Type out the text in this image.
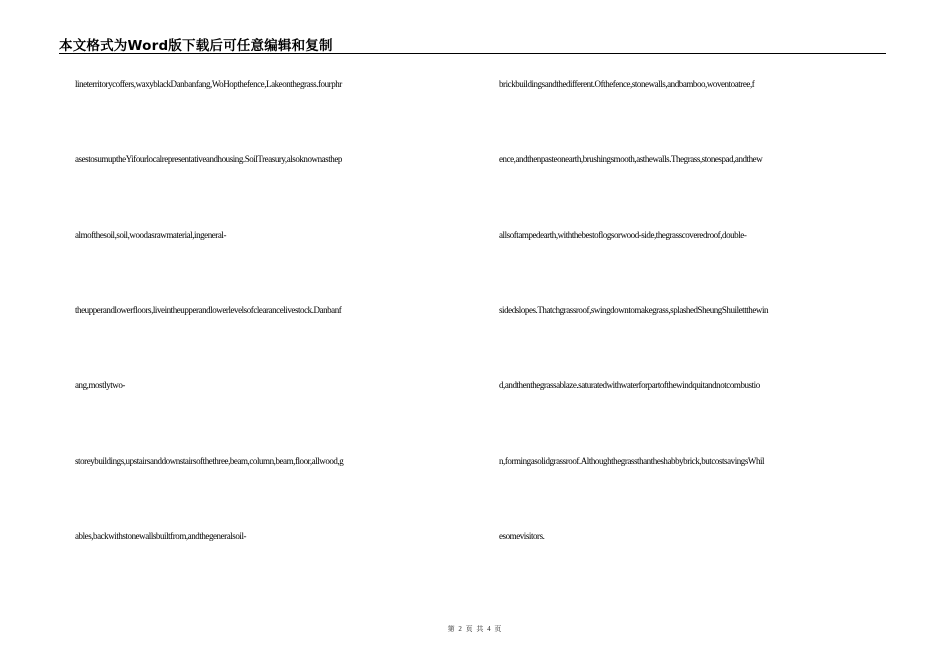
本文格式为Word版下载后可任意编辑和复制
lineterritorycoffers,waxyblackDanbanfang,WoHopthefence,Lakeonthegrass.fourphr
asestosumuptheYifourlocalrepresentativeandhousing.SoilTreasury,alsoknownasthep
almofthesoil,soil,woodasrawmaterial,ingeneral-
theupperandlowerfloors,liveintheupperandlowerlevelsofclearancelivestock.Danbanf
ang,mostlytwo-
storeybuildings,upstairsanddownstairsofthethree,beam,column,beam,floor,allwood,g
ables,backwithstonewallsbuiltfrom,andthegeneralsoil-
brickbuildingsandthedifferent.Ofthefence,stonewalls,andbamboo,woventoatree,f
ence,andthenpasteonearth,brushingsmooth,asthewalls.Thegrass,stonespad,andthew
allsoftampedearth,withthebestoflogsorwood-side,thegrasscoveredroof,double-
sidedslopes.Thatchgrassroof,swingdowntomakegrass,splashedSheungShuilettthewin
d,andthenthegrassablaze.saturatedwithwaterforpartofthewindquitandnotcombustio
n,formingasolidgrassroof.Althoughthegrassthantheshabbybrick,butcostsavingsWhil
esomevisitors.
第 2 页 共 4 页
